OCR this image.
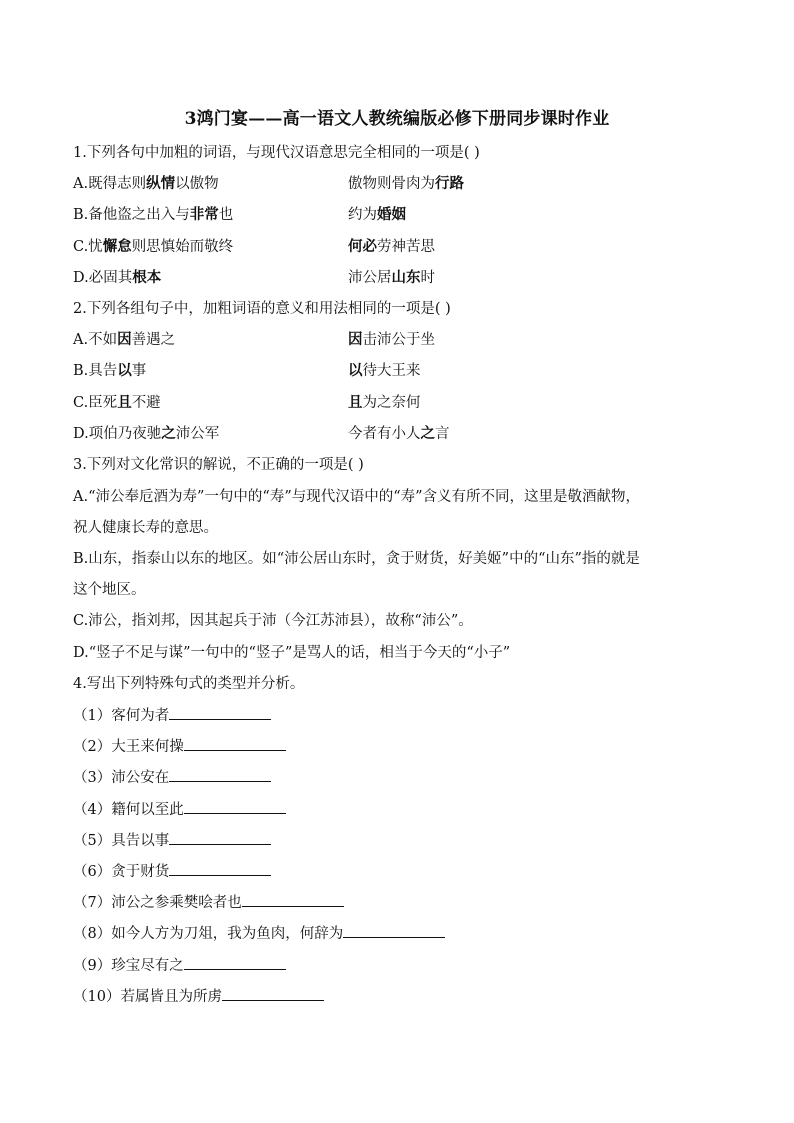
3鸿门宴——高一语文人教统编版必修下册同步课时作业
1.下列各句中加粗的词语，与现代汉语意思完全相同的一项是( )
A.既得志则纵情以傲物	傲物则骨肉为行路
B.备他盗之出入与非常也	约为婚姻
C.忧懈怠则思慎始而敬终	何必劳神苦思
D.必固其根本	沛公居山东时
2.下列各组句子中，加粗词语的意义和用法相同的一项是( )
A.不如因善遇之	因击沛公于坐
B.具告以事	以待大王来
C.臣死且不避	且为之奈何
D.项伯乃夜驰之沛公军	今者有小人之言
3.下列对文化常识的解说，不正确的一项是( )
A.“沛公奉卮酒为寿”一句中的“寿”与现代汉语中的“寿”含义有所不同，这里是敬酒献物，
祝人健康长寿的意思。
B.山东，指泰山以东的地区。如“沛公居山东时，贪于财货，好美姬”中的“山东”指的就是
这个地区。
C.沛公，指刘邦，因其起兵于沛（今江苏沛县），故称“沛公”。
D.“竖子不足与谋”一句中的“竖子”是骂人的话，相当于今天的“小子”
4.写出下列特殊句式的类型并分析。
（1）客何为者
（2）大王来何操
（3）沛公安在
（4）籍何以至此
（5）具告以事
（6）贪于财货
（7）沛公之参乘樊哙者也
（8）如今人方为刀俎，我为鱼肉，何辞为
（9）珍宝尽有之
（10）若属皆且为所虏
